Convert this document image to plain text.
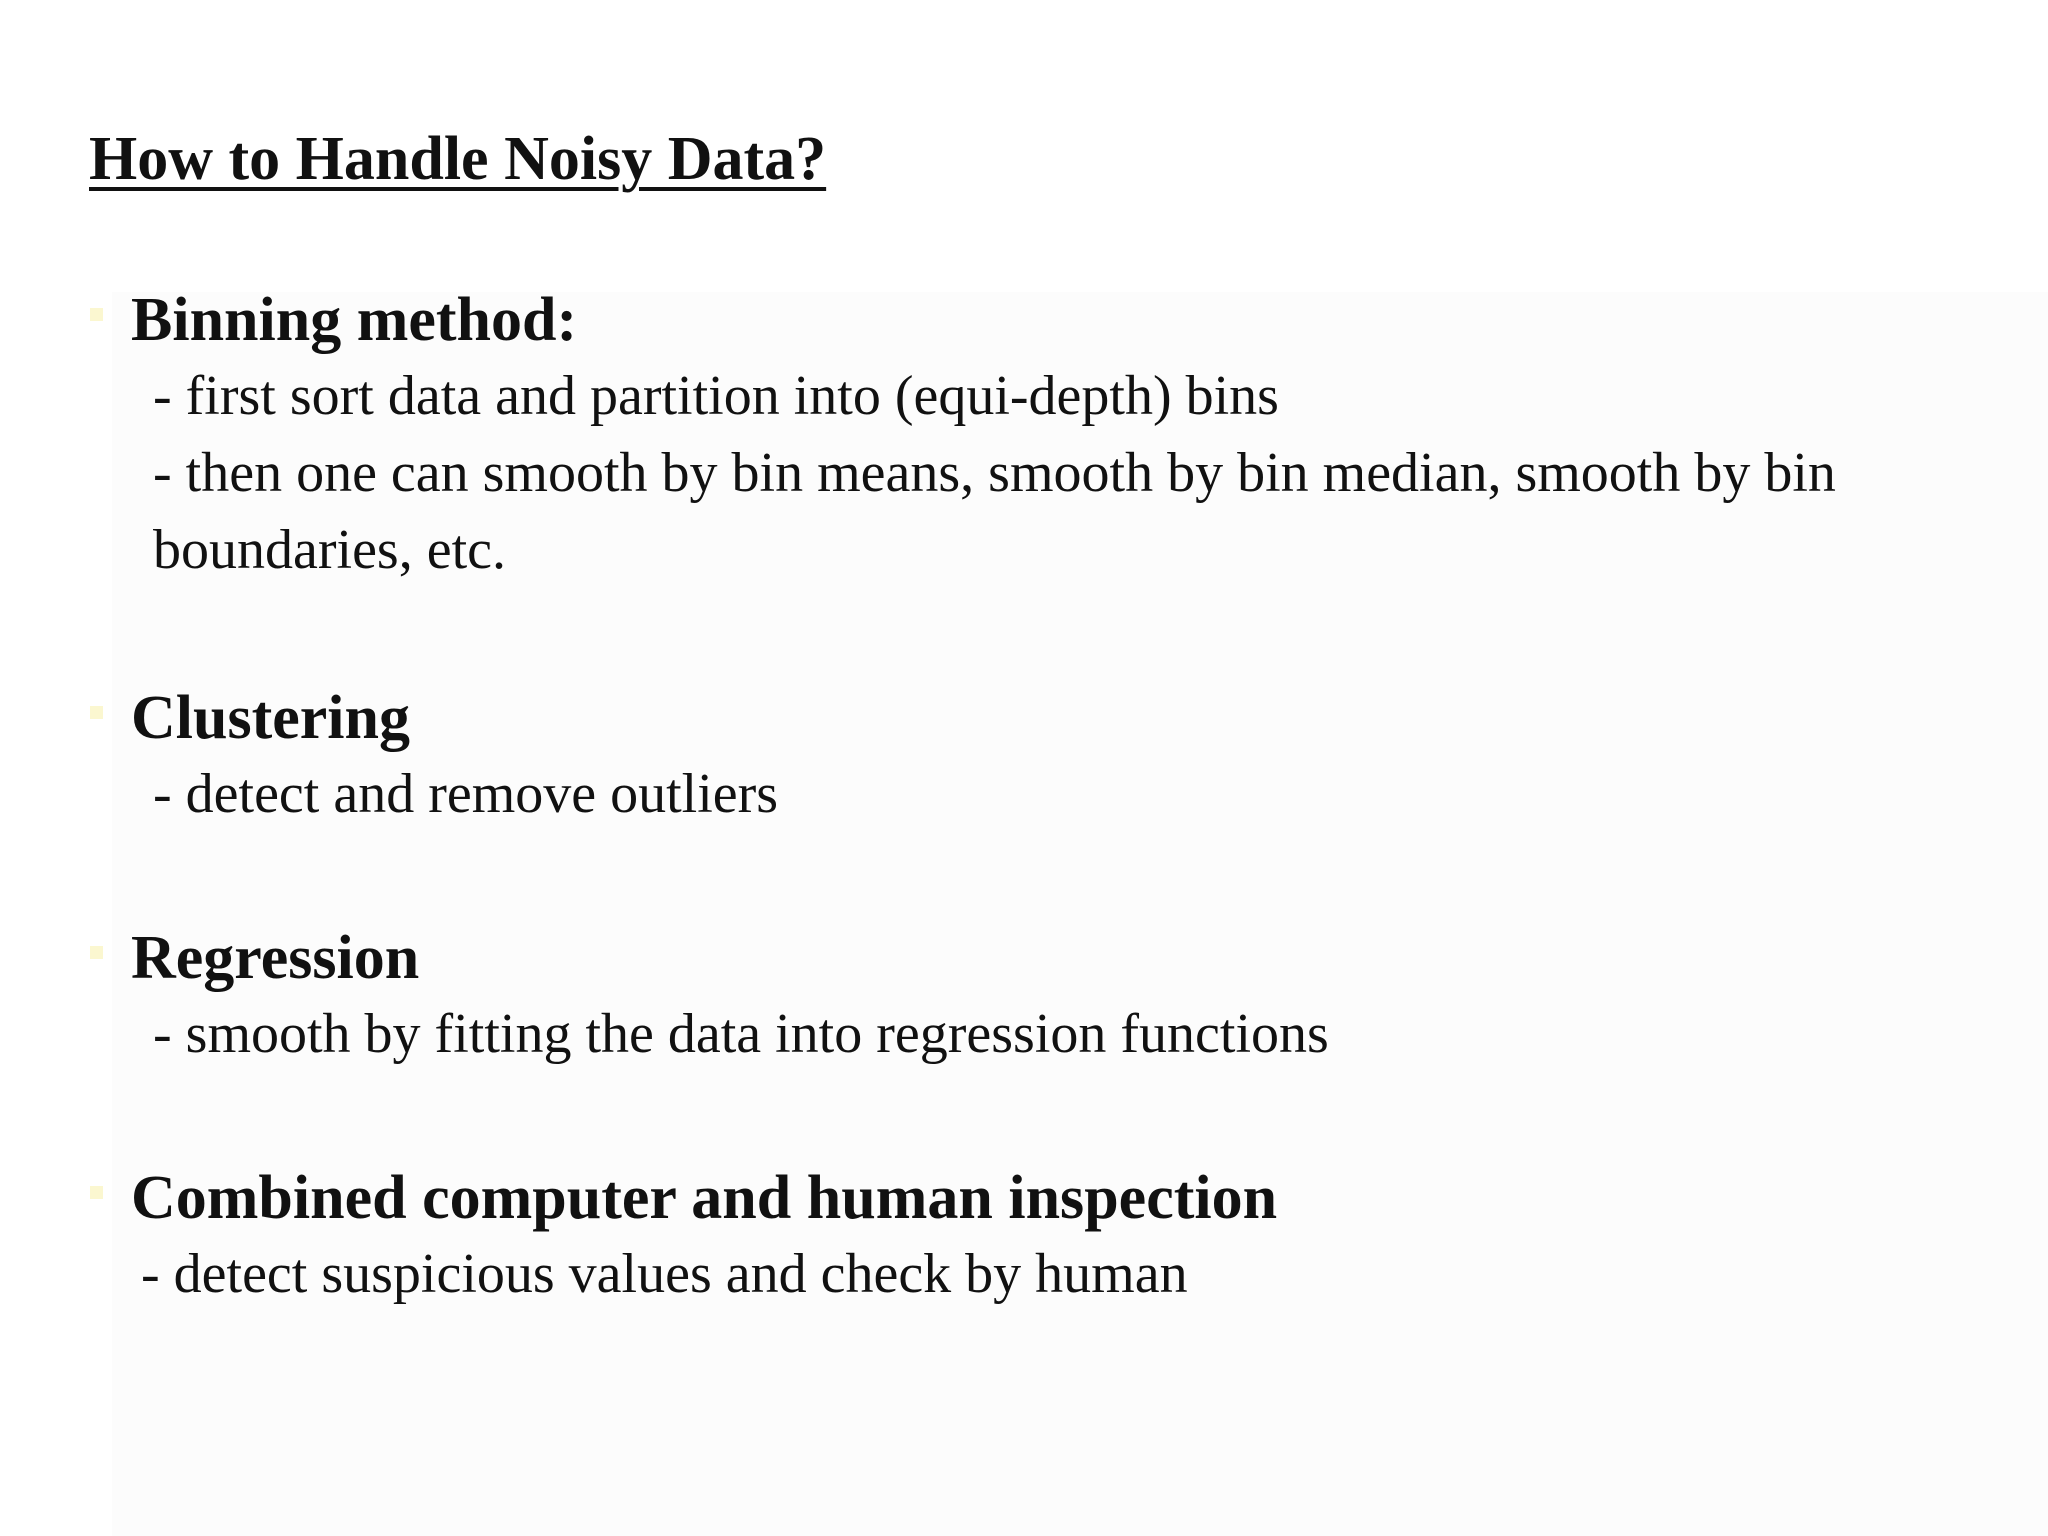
How to Handle Noisy Data?
Binning method:
- first sort data and partition into (equi-depth) bins
- then one can smooth by bin means, smooth by bin median, smooth by bin boundaries, etc.
Clustering
- detect and remove outliers
Regression
- smooth by fitting the data into regression functions
Combined computer and human inspection
- detect suspicious values and check by human
